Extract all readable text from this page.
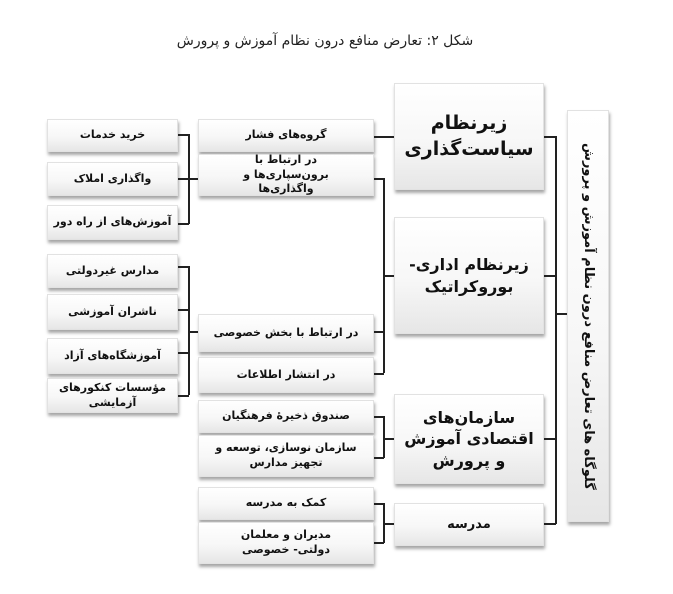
شکل ۲: تعارض منافع درون نظام آموزش و پرورش
گلوگاه های تعارض منافع درون نظام آموزش و پرورش
زیرنظام سیاست‌گذاری
زیرنظام اداری- بوروکراتیک
سازمان‌های اقتصادی آموزش و پرورش
مدرسه
گروه‌های فشار
در ارتباط با برون‌سپاری‌ها و واگذاری‌ها
در ارتباط با بخش خصوصی
در انتشار اطلاعات
صندوق ذخیرۀ فرهنگیان
سازمان نوسازی، توسعه و تجهیز مدارس
کمک به مدرسه
مدیران و معلمان دولتی- خصوصی
خرید خدمات
واگذاری املاک
آموزش‌های از راه دور
مدارس غیردولتی
ناشران آموزشی
آموزشگاه‌های آزاد
مؤسسات کنکورهای آزمایشی
